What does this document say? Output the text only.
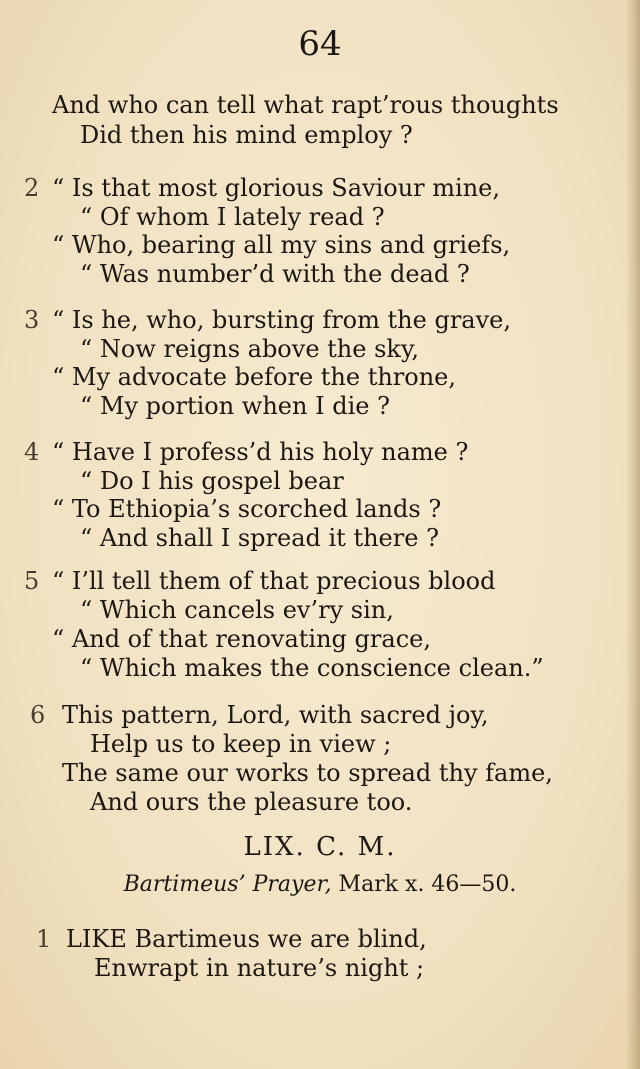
64
And who can tell what rapt’rous thoughts
Did then his mind employ ?
2 “ Is that most glorious Saviour mine,
“ Of whom I lately read ?
“ Who, bearing all my sins and griefs,
“ Was number’d with the dead ?
3 “ Is he, who, bursting from the grave,
“ Now reigns above the sky,
“ My advocate before the throne,
“ My portion when I die ?
4 “ Have I profess’d his holy name ?
“ Do I his gospel bear
“ To Ethiopia’s scorched lands ?
“ And shall I spread it there ?
5 “ I’ll tell them of that precious blood
“ Which cancels ev’ry sin,
“ And of that renovating grace,
“ Which makes the conscience clean.”
6 This pattern, Lord, with sacred joy,
Help us to keep in view ;
The same our works to spread thy fame,
And ours the pleasure too.
LIX. C. M.
Bartimeus’ Prayer, Mark x. 46—50.
1 LIKE Bartimeus we are blind,
Enwrapt in nature’s night ;
